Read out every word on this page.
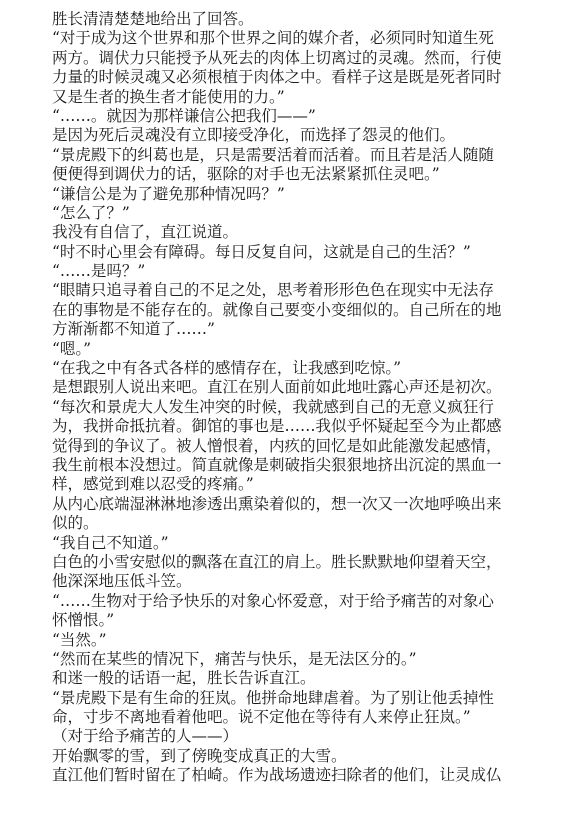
胜长清清楚楚地给出了回答。
“对于成为这个世界和那个世界之间的媒介者，必须同时知道生死
两方。调伏力只能授予从死去的肉体上切离过的灵魂。然而，行使
力量的时候灵魂又必须根植于肉体之中。看样子这是既是死者同时
又是生者的换生者才能使用的力。”
“……。就因为那样谦信公把我们——”
是因为死后灵魂没有立即接受净化，而选择了怨灵的他们。
“景虎殿下的纠葛也是，只是需要活着而活着。而且若是活人随随
便便得到调伏力的话，驱除的对手也无法紧紧抓住灵吧。”
“谦信公是为了避免那种情况吗？”
“怎么了？”
我没有自信了，直江说道。
“时不时心里会有障碍。每日反复自问，这就是自己的生活？”
“……是吗？”
“眼睛只追寻着自己的不足之处，思考着形形色色在现实中无法存
在的事物是不能存在的。就像自己要变小变细似的。自己所在的地
方渐渐都不知道了……”
“嗯。”
“在我之中有各式各样的感情存在，让我感到吃惊。”
是想跟别人说出来吧。直江在别人面前如此地吐露心声还是初次。
“每次和景虎大人发生冲突的时候，我就感到自己的无意义疯狂行
为，我拼命抵抗着。御馆的事也是……我似乎怀疑起至今为止都感
觉得到的争议了。被人憎恨着，内疚的回忆是如此能激发起感情，
我生前根本没想过。简直就像是刺破指尖狠狠地挤出沉淀的黑血一
样，感觉到难以忍受的疼痛。”
从内心底端湿淋淋地渗透出熏染着似的，想一次又一次地呼唤出来
似的。
“我自己不知道。”
白色的小雪安慰似的飘落在直江的肩上。胜长默默地仰望着天空，
他深深地压低斗笠。
“……生物对于给予快乐的对象心怀爱意，对于给予痛苦的对象心
怀憎恨。”
“当然。”
“然而在某些的情况下，痛苦与快乐，是无法区分的。”
和迷一般的话语一起，胜长告诉直江。
“景虎殿下是有生命的狂岚。他拼命地肆虐着。为了别让他丢掉性
命，寸步不离地看着他吧。说不定他在等待有人来停止狂岚。”
（对于给予痛苦的人——）
开始飘零的雪，到了傍晚变成真正的大雪。
直江他们暂时留在了柏崎。作为战场遗迹扫除者的他们，让灵成仏
